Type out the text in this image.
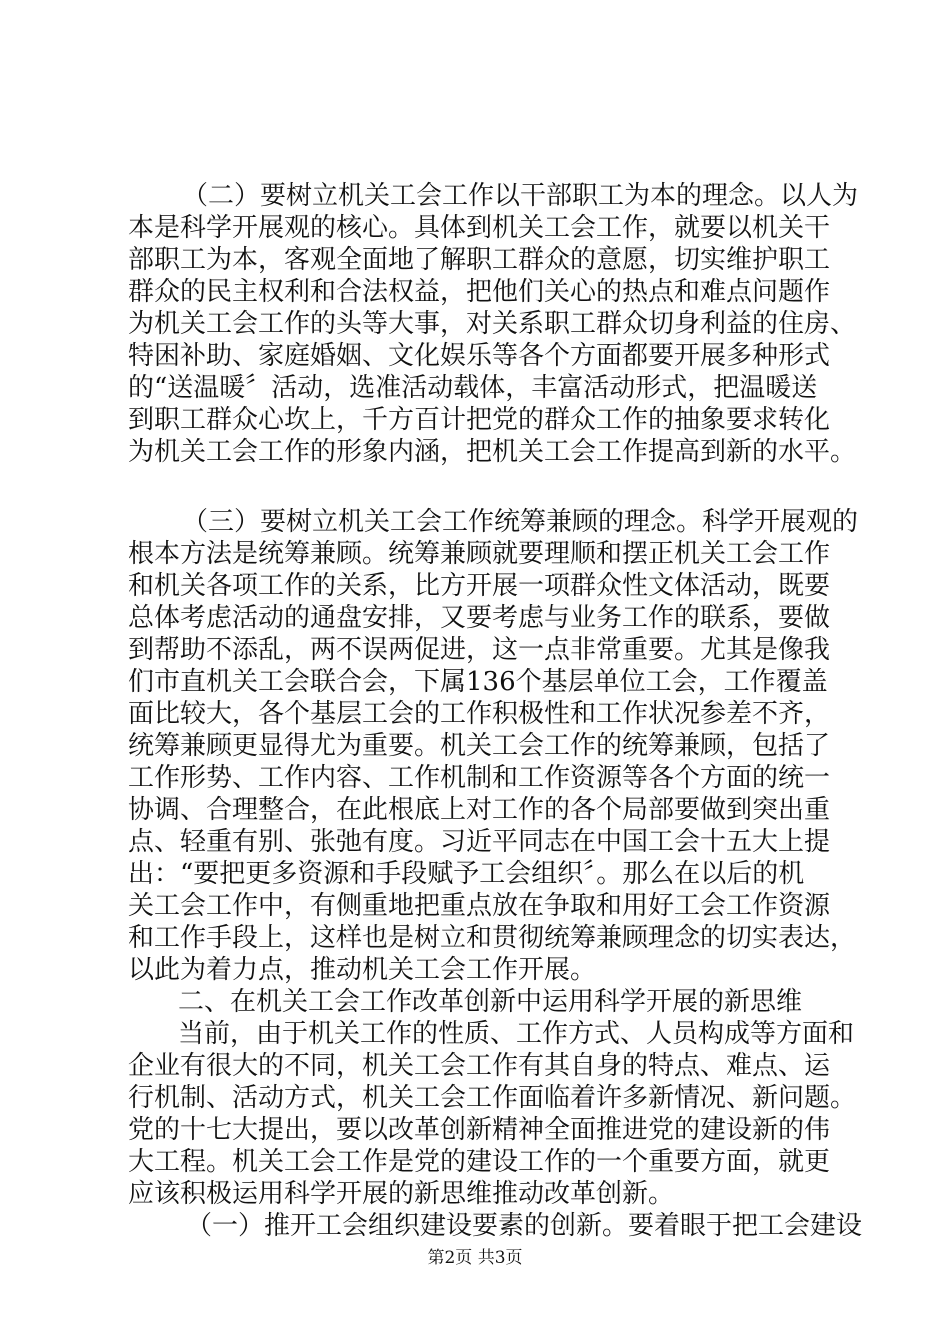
（二）要树立机关工会工作以干部职工为本的理念。以人为
本是科学开展观的核心。具体到机关工会工作，就要以机关干
部职工为本，客观全面地了解职工群众的意愿，切实维护职工
群众的民主权利和合法权益，把他们关心的热点和难点问题作
为机关工会工作的头等大事，对关系职工群众切身利益的住房、
特困补助、家庭婚姻、文化娱乐等各个方面都要开展多种形式
的“送温暖〞活动，选准活动载体，丰富活动形式，把温暖送
到职工群众心坎上，千方百计把党的群众工作的抽象要求转化
为机关工会工作的形象内涵，把机关工会工作提高到新的水平。
（三）要树立机关工会工作统筹兼顾的理念。科学开展观的
根本方法是统筹兼顾。统筹兼顾就要理顺和摆正机关工会工作
和机关各项工作的关系，比方开展一项群众性文体活动，既要
总体考虑活动的通盘安排，又要考虑与业务工作的联系，要做
到帮助不添乱，两不误两促进，这一点非常重要。尤其是像我
们市直机关工会联合会，下属136个基层单位工会，工作覆盖
面比较大，各个基层工会的工作积极性和工作状况参差不齐，
统筹兼顾更显得尤为重要。机关工会工作的统筹兼顾，包括了
工作形势、工作内容、工作机制和工作资源等各个方面的统一
协调、合理整合，在此根底上对工作的各个局部要做到突出重
点、轻重有别、张弛有度。习近平同志在中国工会十五大上提
出：“要把更多资源和手段赋予工会组织〞。那么在以后的机
关工会工作中，有侧重地把重点放在争取和用好工会工作资源
和工作手段上，这样也是树立和贯彻统筹兼顾理念的切实表达，
以此为着力点，推动机关工会工作开展。
二、在机关工会工作改革创新中运用科学开展的新思维
当前，由于机关工作的性质、工作方式、人员构成等方面和
企业有很大的不同，机关工会工作有其自身的特点、难点、运
行机制、活动方式，机关工会工作面临着许多新情况、新问题。
党的十七大提出，要以改革创新精神全面推进党的建设新的伟
大工程。机关工会工作是党的建设工作的一个重要方面，就更
应该积极运用科学开展的新思维推动改革创新。
（一）推开工会组织建设要素的创新。要着眼于把工会建设
第2页 共3页
